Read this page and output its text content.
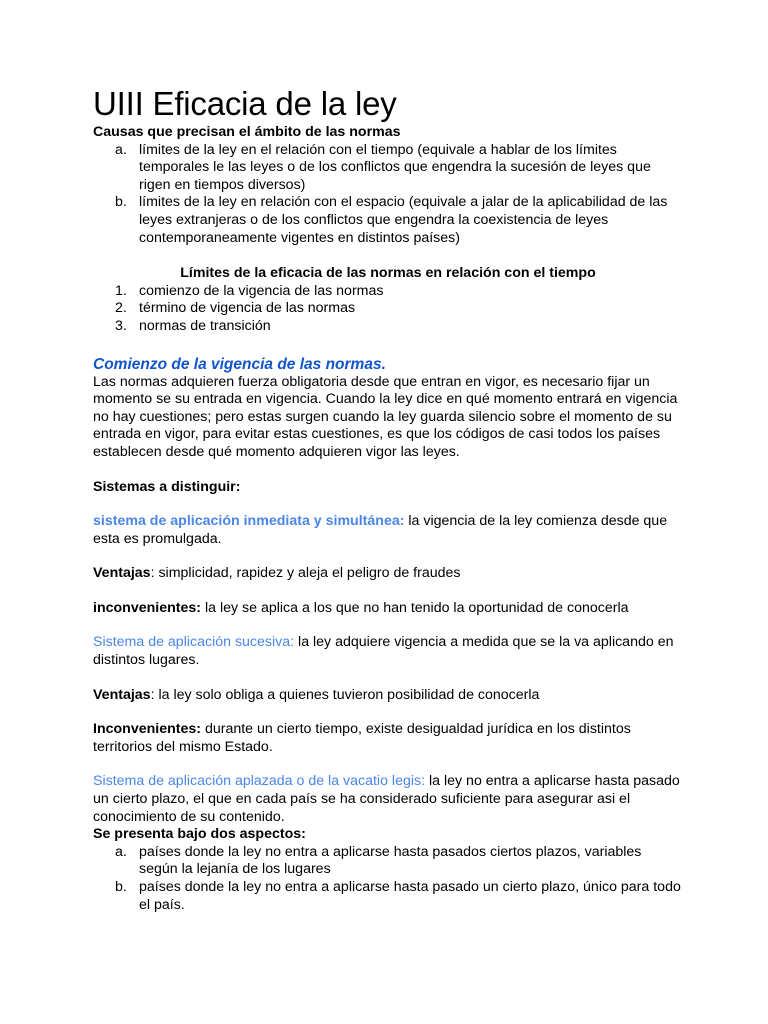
UIII Eficacia de la ley
Causas que precisan el ámbito de las normas
a. límites de la ley en el relación con el tiempo (equivale a hablar de los límites temporales le las leyes o de los conflictos que engendra la sucesión de leyes que rigen en tiempos diversos)
b. límites de la ley en relación con el espacio (equivale a jalar de la aplicabilidad de las leyes extranjeras o de los conflictos que engendra la coexistencia de leyes contemporaneamente vigentes en distintos países)
Límites de la eficacia de las normas en relación con el tiempo
1. comienzo de la vigencia de las normas
2. término de vigencia de las normas
3. normas de transición
Comienzo de la vigencia de las normas.

Las normas adquieren fuerza obligatoria desde que entran en vigor, es necesario fijar un momento se su entrada en vigencia. Cuando la ley dice en qué momento entrará en vigencia no hay cuestiones; pero estas surgen cuando la ley guarda silencio sobre el momento de su entrada en vigor, para evitar estas cuestiones, es que los códigos de casi todos los países establecen desde qué momento adquieren vigor las leyes.

Sistemas a distinguir:

sistema de aplicación inmediata y simultánea: la vigencia de la ley comienza desde que esta es promulgada.

Ventajas: simplicidad, rapidez y aleja el peligro de fraudes

inconvenientes: la ley se aplica a los que no han tenido la oportunidad de conocerla

Sistema de aplicación sucesiva: la ley adquiere vigencia a medida que se la va aplicando en distintos lugares.

Ventajas: la ley solo obliga a quienes tuvieron posibilidad de conocerla

Inconvenientes: durante un cierto tiempo, existe desigualdad jurídica en los distintos territorios del mismo Estado.

Sistema de aplicación aplazada o de la vacatio legis: la ley no entra a aplicarse hasta pasado un cierto plazo, el que en cada país se ha considerado suficiente para asegurar asi el conocimiento de su contenido.

Se presenta bajo dos aspectos:

a. países donde la ley no entra a aplicarse hasta pasados ciertos plazos, variables según la lejanía de los lugares
b. países donde la ley no entra a aplicarse hasta pasado un cierto plazo, único para todo el país.
